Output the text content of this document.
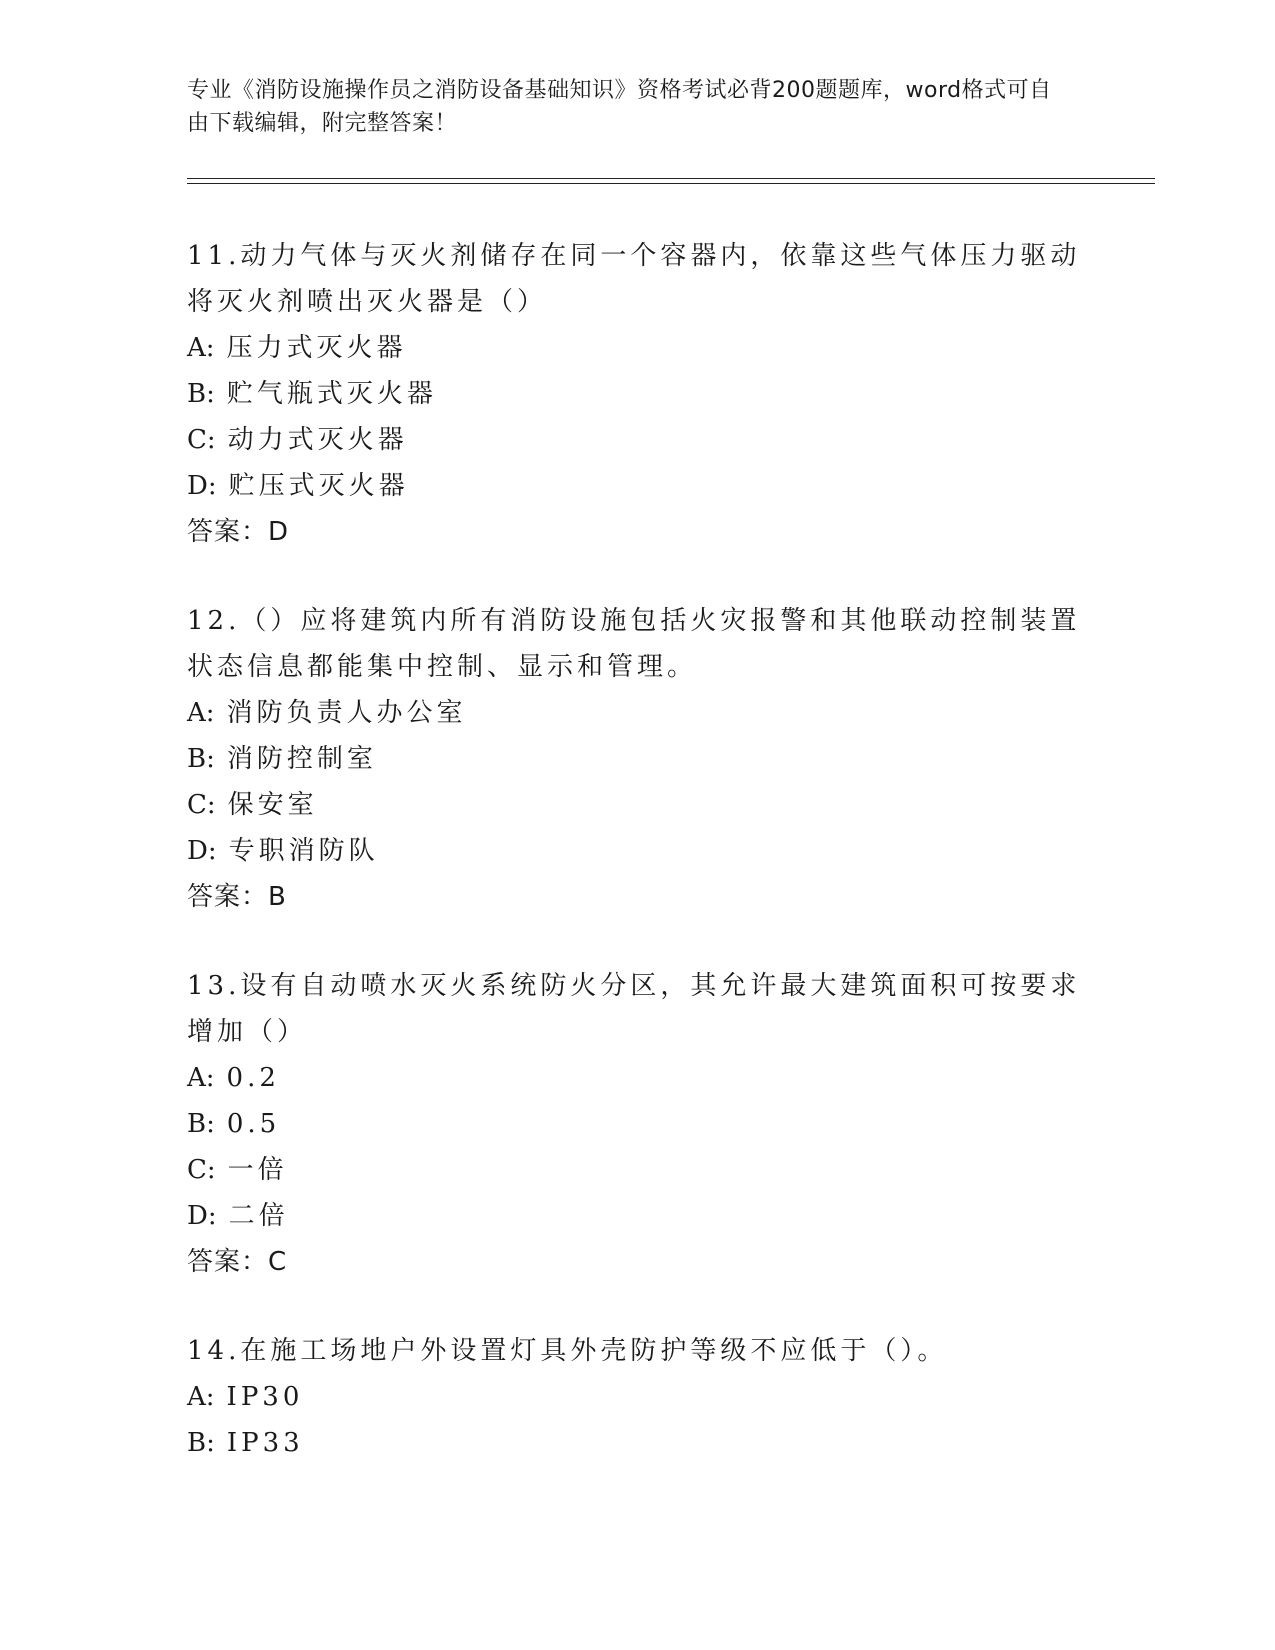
专业《消防设施操作员之消防设备基础知识》资格考试必背200题题库，word格式可自由下载编辑，附完整答案！
11.动力气体与灭火剂储存在同一个容器内，依靠这些气体压力驱动将灭火剂喷出灭火器是（）
A: 压力式灭火器
B: 贮气瓶式灭火器
C: 动力式灭火器
D: 贮压式灭火器
答案：D
12.（）应将建筑内所有消防设施包括火灾报警和其他联动控制装置状态信息都能集中控制、显示和管理。
A: 消防负责人办公室
B: 消防控制室
C: 保安室
D: 专职消防队
答案：B
13.设有自动喷水灭火系统防火分区，其允许最大建筑面积可按要求增加（）
A: 0.2
B: 0.5
C: 一倍
D: 二倍
答案：C
14.在施工场地户外设置灯具外壳防护等级不应低于（）。
A: IP30
B: IP33
